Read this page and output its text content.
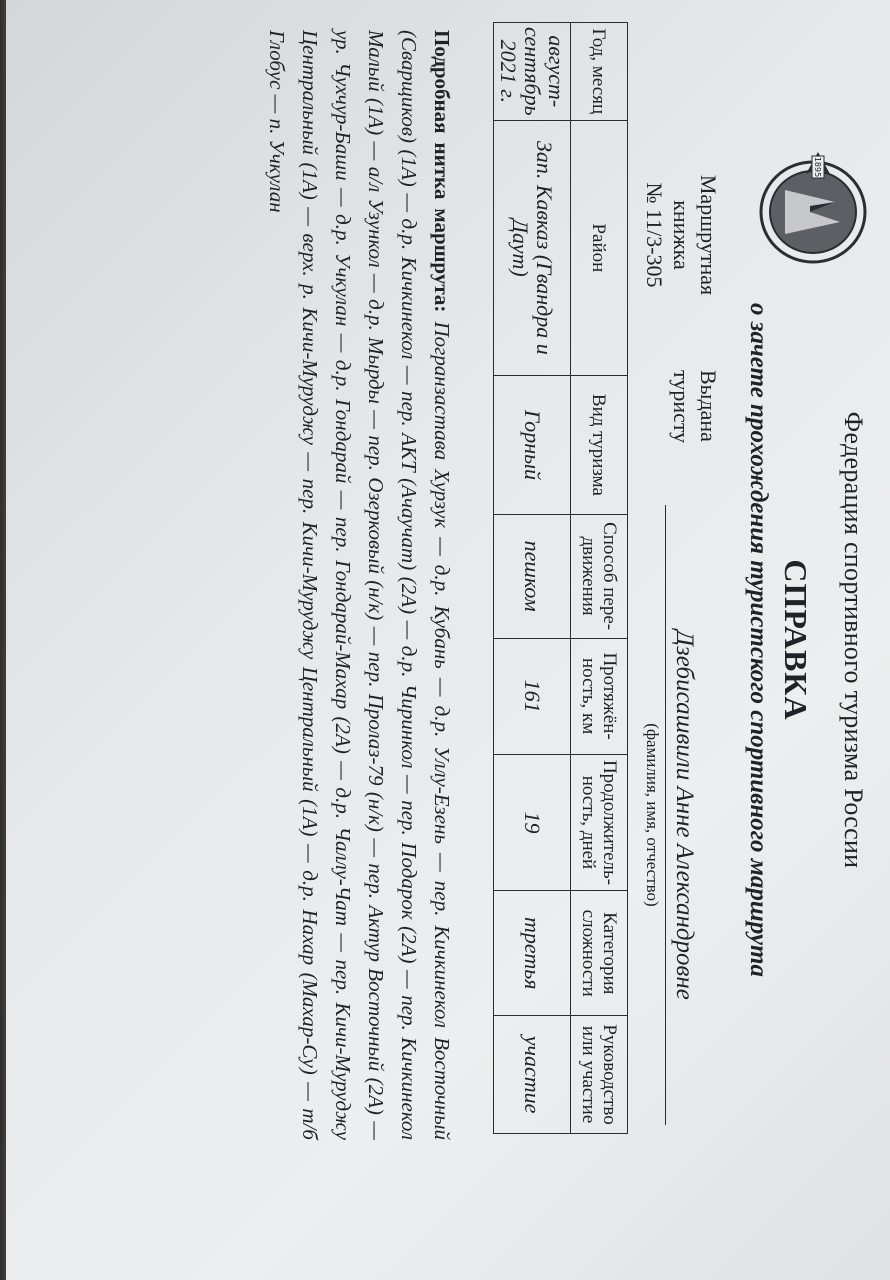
1895
Федерация спортивного туризма России
СПРАВКА
о зачете прохождения туристского спортивного маршрута
Маршрутная
книжка
№ 11/3-305
Выдана
туристу
Дзебисашвили Анне Александровне
(фамилия, имя, отчество)
Год, месяц	Район	Вид туризма	Способ пере-движения	Протяжён-ность, км	Продолжитель-ность, дней	Категория сложности	Руководство или участие
август-сентябрь 2021 г.	Зап. Кавказ (Гвандра и Даут)	Горный	пешком	161	19	третья	участие
Подробная нитка маршрута: Погранзастава Хурзук — д.р. Кубань — д.р. Уллу-Езень — пер. Кичкинекол Восточный (Сварщиков) (1А) — д.р. Кичкинекол — пер. АКТ (Ачаучат) (2А) — д.р. Чиринкол — пер. Подарок (2А) — пер. Кичкинекол Малый (1А) — а/л Узункол — д.р. Мырды — пер. Озерковый (н/к) — пер. Пролаз-79 (н/к) — пер. Актур Восточный (2А) — ур. Чухчур-Баши — д.р. Учкулан — д.р. Гондарай — пер. Гондарай-Махар (2А) — д.р. Чаллу-Чат — пер. Кичи-Муруджу Центральный (1А) — верх. р. Кичи-Муруджу — пер. Кичи-Муруджу Центральный (1А) — д.р. Нахар (Махар-Су) — т/б Глобус — п. Учкулан
